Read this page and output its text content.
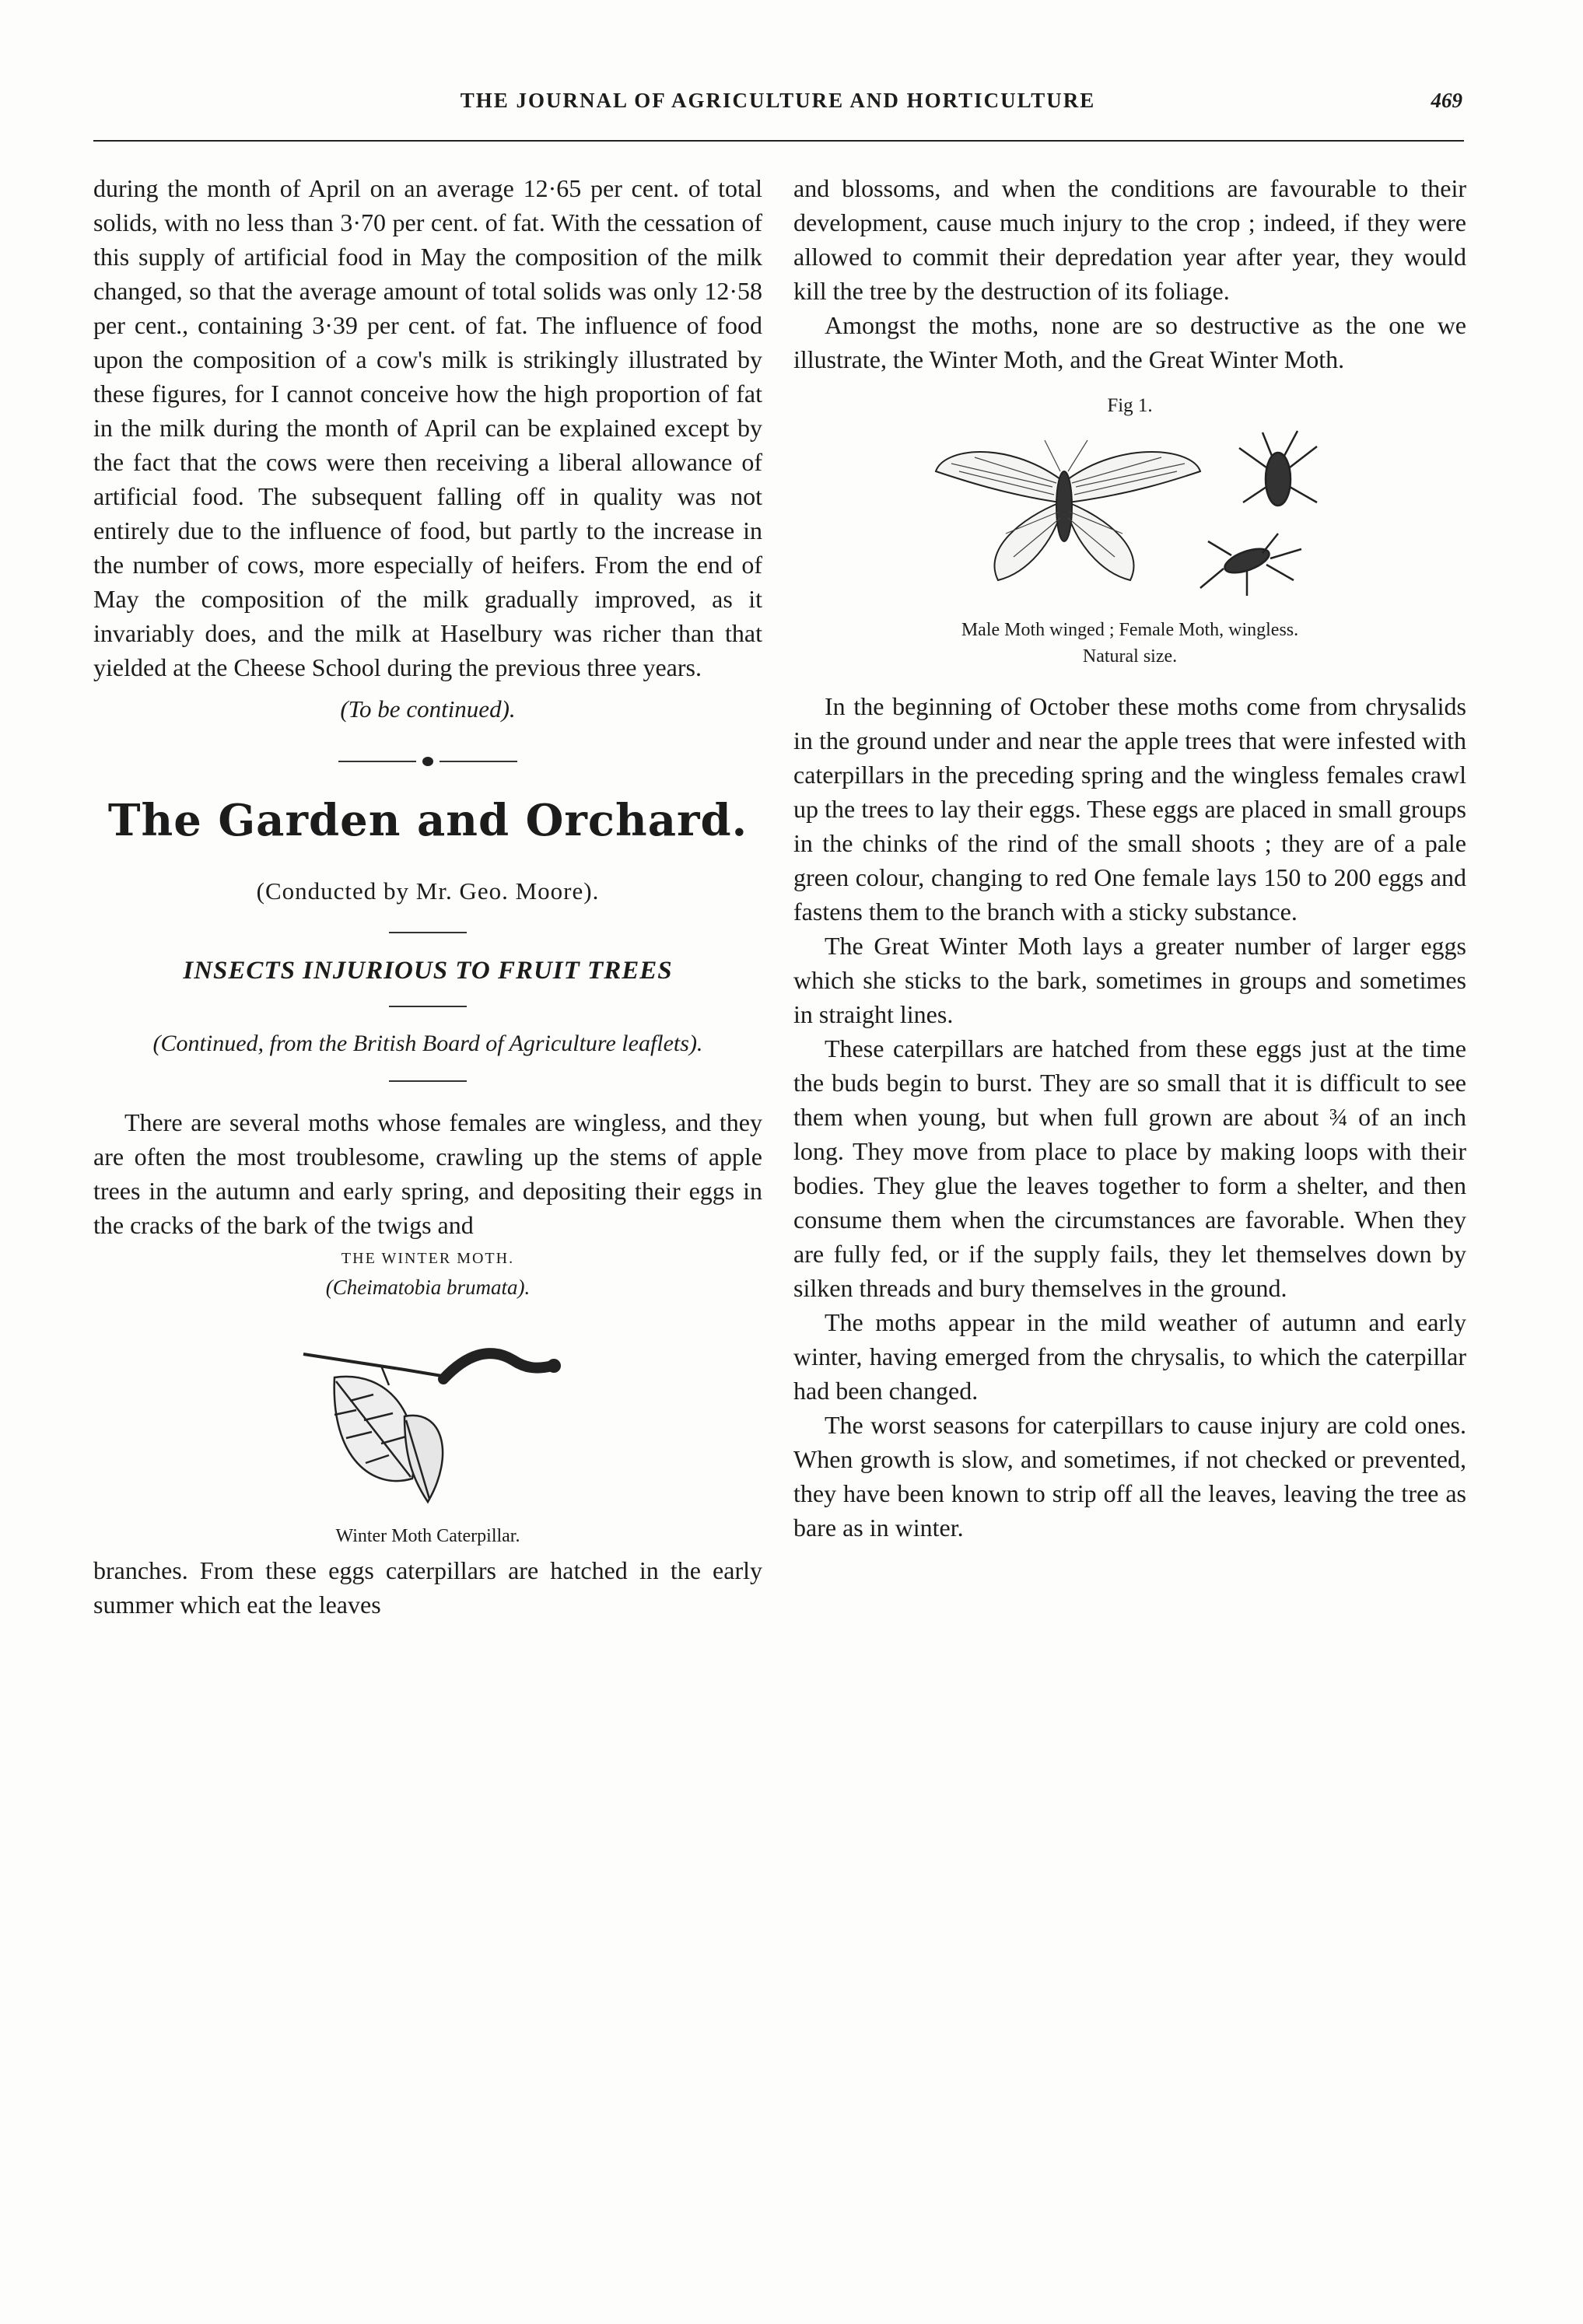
THE JOURNAL OF AGRICULTURE AND HORTICULTURE	469

during the month of April on an average 12·65 per cent. of total solids, with no less than 3·70 per cent. of fat. With the cessation of this supply of artificial food in May the composition of the milk changed, so that the average amount of total solids was only 12·58 per cent., containing 3·39 per cent. of fat. The influence of food upon the composition of a cow's milk is strikingly illustrated by these figures, for I cannot conceive how the high proportion of fat in the milk during the month of April can be explained except by the fact that the cows were then receiving a liberal allowance of artificial food. The subsequent falling off in quality was not entirely due to the influence of food, but partly to the increase in the number of cows, more especially of heifers. From the end of May the composition of the milk gradually improved, as it invariably does, and the milk at Haselbury was richer than that yielded at the Cheese School during the previous three years.

(To be continued).

The Garden and Orchard.

(Conducted by Mr. Geo. Moore).

INSECTS INJURIOUS TO FRUIT TREES

(Continued, from the British Board of Agriculture leaflets).

There are several moths whose females are wingless, and they are often the most troublesome, crawling up the stems of apple trees in the autumn and early spring, and depositing their eggs in the cracks of the bark of the twigs and

THE WINTER MOTH.

(Cheimatobia brumata).

Winter Moth Caterpillar.

branches. From these eggs caterpillars are hatched in the early summer which eat the leaves

and blossoms, and when the conditions are favourable to their development, cause much injury to the crop ; indeed, if they were allowed to commit their depredation year after year, they would kill the tree by the destruction of its foliage.

Amongst the moths, none are so destructive as the one we illustrate, the Winter Moth, and the Great Winter Moth.

Fig 1.

Male Moth winged ; Female Moth, wingless.

Natural size.

In the beginning of October these moths come from chrysalids in the ground under and near the apple trees that were infested with caterpillars in the preceding spring and the wingless females crawl up the trees to lay their eggs. These eggs are placed in small groups in the chinks of the rind of the small shoots ; they are of a pale green colour, changing to red One female lays 150 to 200 eggs and fastens them to the branch with a sticky substance.

The Great Winter Moth lays a greater number of larger eggs which she sticks to the bark, sometimes in groups and sometimes in straight lines.

These caterpillars are hatched from these eggs just at the time the buds begin to burst. They are so small that it is difficult to see them when young, but when full grown are about ¾ of an inch long. They move from place to place by making loops with their bodies. They glue the leaves together to form a shelter, and then consume them when the circumstances are favorable. When they are fully fed, or if the supply fails, they let themselves down by silken threads and bury themselves in the ground.

The moths appear in the mild weather of autumn and early winter, having emerged from the chrysalis, to which the caterpillar had been changed.

The worst seasons for caterpillars to cause injury are cold ones. When growth is slow, and sometimes, if not checked or prevented, they have been known to strip off all the leaves, leaving the tree as bare as in winter.
